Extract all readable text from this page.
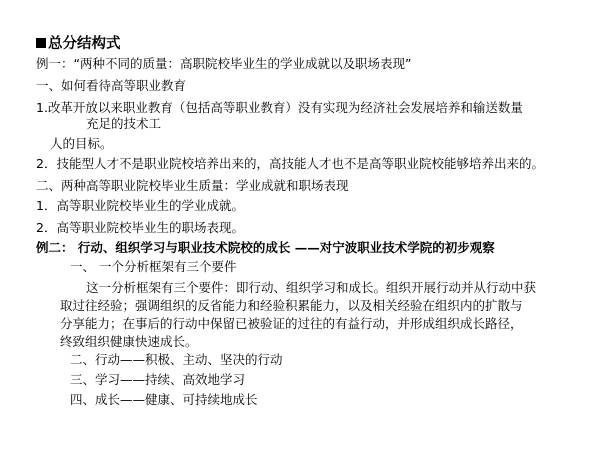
总分结构式
例一：“两种不同的质量：高职院校毕业生的学业成就以及职场表现”
一、如何看待高等职业教育
1.改革开放以来职业教育（包括高等职业教育）没有实现为经济社会发展培养和输送数量
充足的技术工
人的目标。
2．技能型人才不是职业院校培养出来的，高技能人才也不是高等职业院校能够培养出来的。
二、两种高等职业院校毕业生质量：学业成就和职场表现
1．高等职业院校毕业生的学业成就。
2．高等职业院校毕业生的职场表现。
例二： 行动、组织学习与职业技术院校的成长 ——对宁波职业技术学院的初步观察
一、 一个分析框架有三个要件
这一分析框架有三个要件：即行动、组织学习和成长。组织开展行动并从行动中获
取过往经验；强调组织的反省能力和经验积累能力，以及相关经验在组织内的扩散与
分享能力；在事后的行动中保留已被验证的过往的有益行动，并形成组织成长路径，
终致组织健康快速成长。
二、行动——积极、主动、坚决的行动
三、学习——持续、高效地学习
四、成长——健康、可持续地成长
